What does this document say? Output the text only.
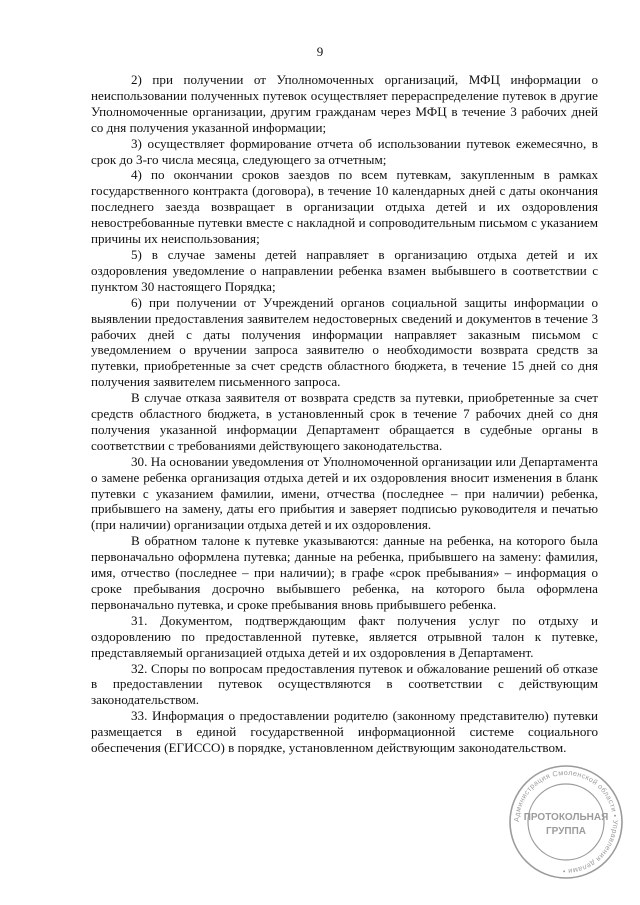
9

2) при получении от Уполномоченных организаций, МФЦ информации о неиспользовании полученных путевок осуществляет перераспределение путевок в другие Уполномоченные организации, другим гражданам через МФЦ в течение 3 рабочих дней со дня получения указанной информации;

3) осуществляет формирование отчета об использовании путевок ежемесячно, в срок до 3-го числа месяца, следующего за отчетным;

4) по окончании сроков заездов по всем путевкам, закупленным в рамках государственного контракта (договора), в течение 10 календарных дней с даты окончания последнего заезда возвращает в организации отдыха детей и их оздоровления невостребованные путевки вместе с накладной и сопроводительным письмом с указанием причины их неиспользования;

5) в случае замены детей направляет в организацию отдыха детей и их оздоровления уведомление о направлении ребенка взамен выбывшего в соответствии с пунктом 30 настоящего Порядка;

6) при получении от Учреждений органов социальной защиты информации о выявлении предоставления заявителем недостоверных сведений и документов в течение 3 рабочих дней с даты получения информации направляет заказным письмом с уведомлением о вручении запроса заявителю о необходимости возврата средств за путевки, приобретенные за счет средств областного бюджета, в течение 15 дней со дня получения заявителем письменного запроса.

В случае отказа заявителя от возврата средств за путевки, приобретенные за счет средств областного бюджета, в установленный срок в течение 7 рабочих дней со дня получения указанной информации Департамент обращается в судебные органы в соответствии с требованиями действующего законодательства.

30. На основании уведомления от Уполномоченной организации или Департамента о замене ребенка организация отдыха детей и их оздоровления вносит изменения в бланк путевки с указанием фамилии, имени, отчества (последнее – при наличии) ребенка, прибывшего на замену, даты его прибытия и заверяет подписью руководителя и печатью (при наличии) организации отдыха детей и их оздоровления.

В обратном талоне к путевке указываются: данные на ребенка, на которого была первоначально оформлена путевка; данные на ребенка, прибывшего на замену: фамилия, имя, отчество (последнее – при наличии); в графе «срок пребывания» – информация о сроке пребывания досрочно выбывшего ребенка, на которого была оформлена первоначально путевка, и сроке пребывания вновь прибывшего ребенка.

31. Документом, подтверждающим факт получения услуг по отдыху и оздоровлению по предоставленной путевке, является отрывной талон к путевке, представляемый организацией отдыха детей и их оздоровления в Департамент.

32. Споры по вопросам предоставления путевок и обжалование решений об отказе в предоставлении путевок осуществляются в соответствии с действующим законодательством.

33. Информация о предоставлении родителю (законному представителю) путевки размещается в единой государственной информационной системе социального обеспечения (ЕГИССО) в порядке, установленном действующим законодательством.

Администрация Смоленской области • Управления делами •
ПРОТОКОЛЬНАЯ
ГРУППА
